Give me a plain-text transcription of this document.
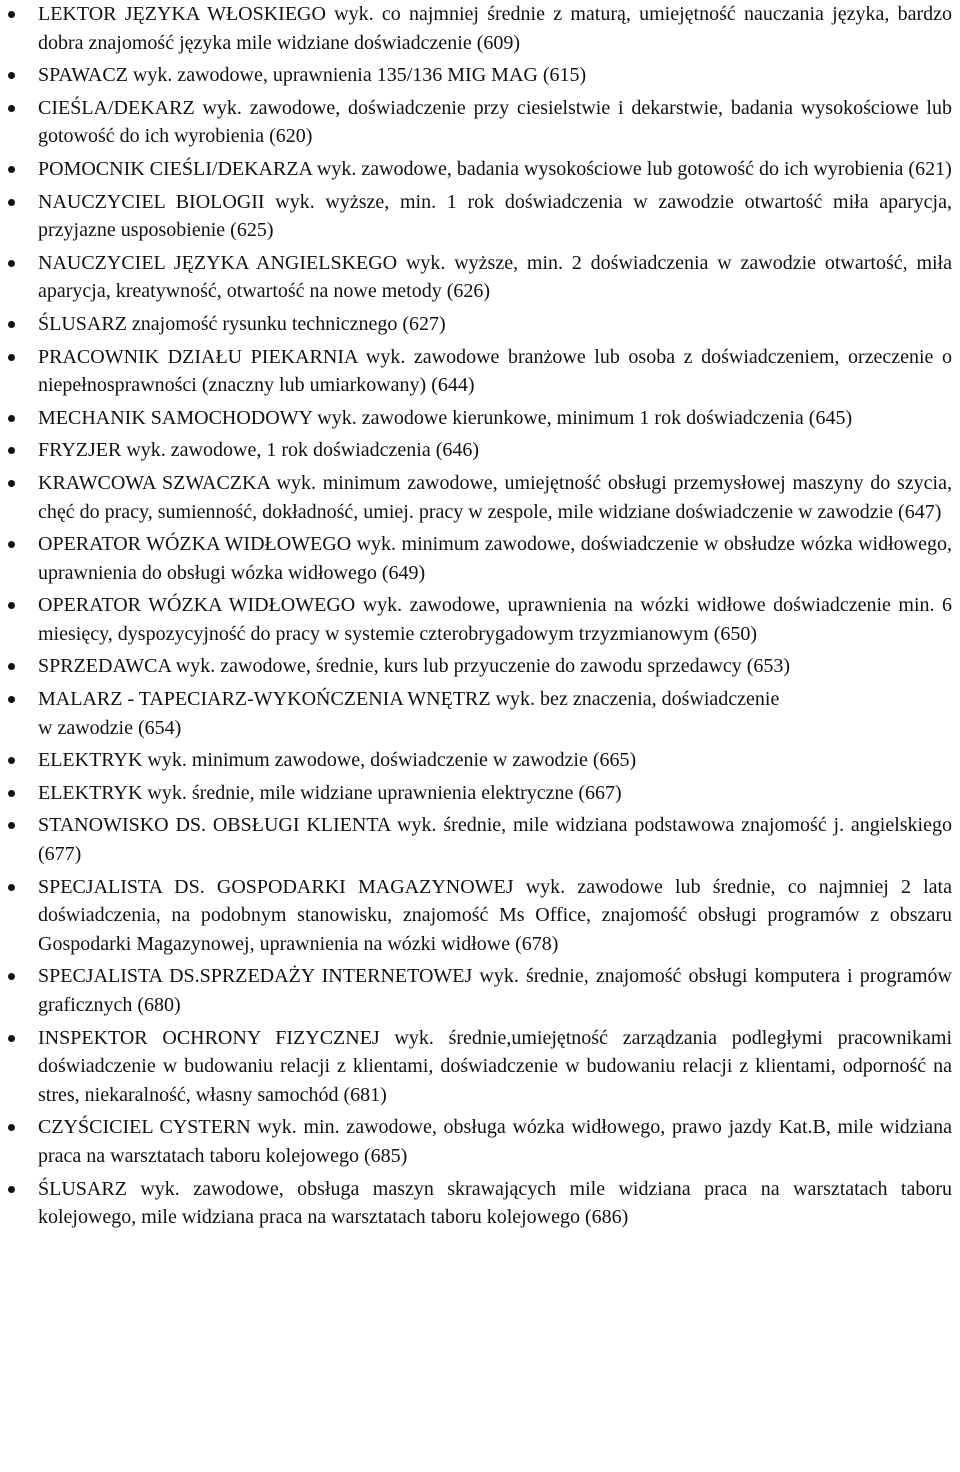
LEKTOR JĘZYKA WŁOSKIEGO wyk. co najmniej średnie z maturą, umiejętność nauczania języka, bardzo dobra znajomość języka mile widziane doświadczenie (609)
SPAWACZ wyk. zawodowe, uprawnienia 135/136 MIG MAG (615)
CIEŚLA/DEKARZ wyk. zawodowe, doświadczenie przy ciesielstwie i dekarstwie, badania wysokościowe lub gotowość do ich wyrobienia (620)
POMOCNIK CIEŚLI/DEKARZA wyk. zawodowe, badania wysokościowe lub gotowość do ich wyrobienia (621)
NAUCZYCIEL BIOLOGII wyk. wyższe, min. 1 rok doświadczenia w zawodzie otwartość miła aparycja, przyjazne usposobienie (625)
NAUCZYCIEL JĘZYKA ANGIELSKEGO wyk. wyższe, min. 2 doświadczenia w zawodzie otwartość, miła aparycja, kreatywność, otwartość na nowe metody (626)
ŚLUSARZ znajomość rysunku technicznego (627)
PRACOWNIK DZIAŁU PIEKARNIA wyk. zawodowe branżowe lub osoba z doświadczeniem, orzeczenie o niepełnosprawności (znaczny lub umiarkowany) (644)
MECHANIK SAMOCHODOWY wyk. zawodowe kierunkowe, minimum 1 rok doświadczenia (645)
FRYZJER wyk. zawodowe, 1 rok doświadczenia (646)
KRAWCOWA SZWACZKA wyk. minimum zawodowe, umiejętność obsługi przemysłowej maszyny do szycia, chęć do pracy, sumienność, dokładność, umiej. pracy w zespole, mile widziane doświadczenie w zawodzie (647)
OPERATOR WÓZKA WIDŁOWEGO wyk. minimum zawodowe, doświadczenie w obsłudze wózka widłowego, uprawnienia do obsługi wózka widłowego (649)
OPERATOR WÓZKA WIDŁOWEGO wyk. zawodowe, uprawnienia na wózki widłowe doświadczenie min. 6 miesięcy, dyspozycyjność do pracy w systemie czterobrygadowym trzyzmianowym (650)
SPRZEDAWCA wyk. zawodowe, średnie, kurs lub przyuczenie do zawodu sprzedawcy (653)
MALARZ - TAPECIARZ-WYKOŃCZENIA WNĘTRZ wyk. bez znaczenia, doświadczenie
w zawodzie (654)
ELEKTRYK wyk. minimum zawodowe, doświadczenie w zawodzie (665)
ELEKTRYK wyk. średnie, mile widziane uprawnienia elektryczne (667)
STANOWISKO DS. OBSŁUGI KLIENTA wyk. średnie, mile widziana podstawowa znajomość j. angielskiego (677)
SPECJALISTA DS. GOSPODARKI MAGAZYNOWEJ wyk. zawodowe lub średnie, co najmniej 2 lata doświadczenia, na podobnym stanowisku, znajomość Ms Office, znajomość obsługi programów z obszaru Gospodarki Magazynowej, uprawnienia na wózki widłowe (678)
SPECJALISTA DS.SPRZEDAŻY INTERNETOWEJ wyk. średnie, znajomość obsługi komputera i programów graficznych (680)
INSPEKTOR OCHRONY FIZYCZNEJ wyk. średnie,umiejętność zarządzania podległymi pracownikami doświadczenie w budowaniu relacji z klientami, doświadczenie w budowaniu relacji z klientami, odporność na stres, niekaralność, własny samochód (681)
CZYŚCICIEL CYSTERN wyk. min. zawodowe, obsługa wózka widłowego, prawo jazdy Kat.B, mile widziana praca na warsztatach taboru kolejowego (685)
ŚLUSARZ wyk. zawodowe, obsługa maszyn skrawających mile widziana praca na warsztatach taboru kolejowego, mile widziana praca na warsztatach taboru kolejowego (686)
